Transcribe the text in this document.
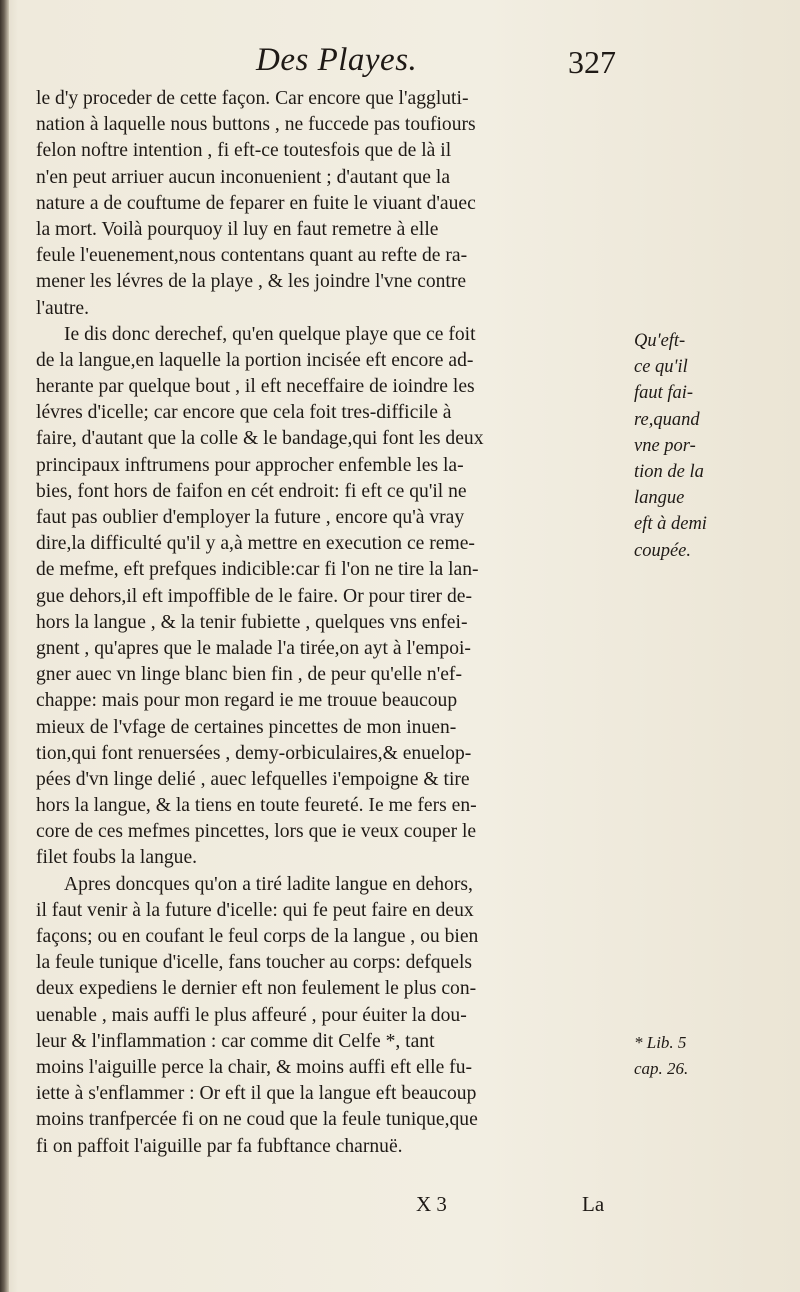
Des Playes.	327
le d'y proceder de cette façon. Car encore que l'aggluti-
nation à laquelle nous buttons , ne fuccede pas toufiours
felon noftre intention , fi eft-ce toutesfois que de là il
n'en peut arriuer aucun inconuenient ; d'autant que la
nature a de couftume de feparer en fuite le viuant d'auec
la mort. Voilà pourquoy il luy en faut remetre à elle
feule l'euenement,nous contentans quant au refte de ra-
mener les lévres de la playe , & les joindre l'vne contre
l'autre.
Ie dis donc derechef, qu'en quelque playe que ce foit
de la langue,en laquelle la portion incisée eft encore ad-
herante par quelque bout , il eft neceffaire de ioindre les
lévres d'icelle; car encore que cela foit tres-difficile à
faire, d'autant que la colle & le bandage,qui font les deux
principaux inftrumens pour approcher enfemble les la-
bies, font hors de faifon en cét endroit: fi eft ce qu'il ne
faut pas oublier d'employer la future , encore qu'à vray
dire,la difficulté qu'il y a,à mettre en execution ce reme-
de mefme, eft prefques indicible:car fi l'on ne tire la lan-
gue dehors,il eft impoffible de le faire. Or pour tirer de-
hors la langue , & la tenir fubiette , quelques vns enfei-
gnent , qu'apres que le malade l'a tirée,on ayt à l'empoi-
gner auec vn linge blanc bien fin , de peur qu'elle n'ef-
chappe: mais pour mon regard ie me trouue beaucoup
mieux de l'vfage de certaines pincettes de mon inuen-
tion,qui font renuersées , demy-orbiculaires,& enuelop-
pées d'vn linge delié , auec lefquelles i'empoigne & tire
hors la langue, & la tiens en toute feureté. Ie me fers en-
core de ces mefmes pincettes, lors que ie veux couper le
filet foubs la langue.
Apres doncques qu'on a tiré ladite langue en dehors,
il faut venir à la future d'icelle: qui fe peut faire en deux
façons; ou en coufant le feul corps de la langue , ou bien
la feule tunique d'icelle, fans toucher au corps: defquels
deux expediens le dernier eft non feulement le plus con-
uenable , mais auffi le plus affeuré , pour éuiter la dou-
leur & l'inflammation : car comme dit Celfe *, tant
moins l'aiguille perce la chair, & moins auffi eft elle fu-
iette à s'enflammer : Or eft il que la langue eft beaucoup
moins tranfpercée fi on ne coud que la feule tunique,que
fi on paffoit l'aiguille par fa fubftance charnuë.
Qu'eft-
ce qu'il
faut fai-
re,quand
vne por-
tion de la
langue
eft à demi
coupée.
* Lib. 5
cap. 26.
X 3	La
